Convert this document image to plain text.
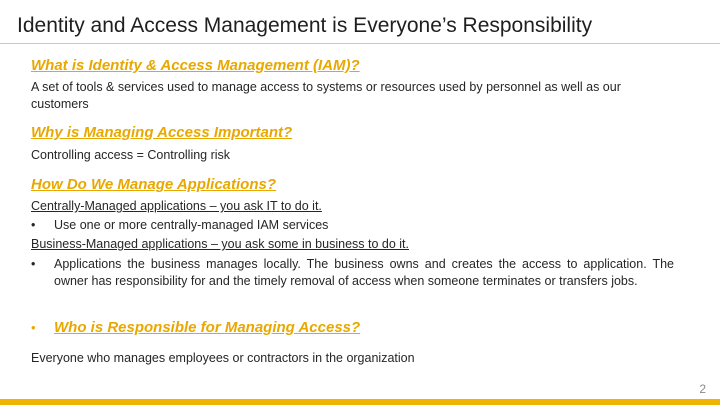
Identity and Access Management is Everyone’s Responsibility
What is Identity & Access Management (IAM)?
A set of tools & services used to manage access to systems or resources used by personnel as well as our customers
Why is Managing Access Important?
Controlling access = Controlling risk
How Do We Manage Applications?
Centrally-Managed applications – you ask IT to do it.
• Use one or more centrally-managed IAM services
Business-Managed applications – you ask some in business to do it.
• Applications the business manages locally. The business owns and creates the access to application. The owner has responsibility for and the timely removal of access when someone terminates or transfers jobs.
• Who is Responsible for Managing Access?
Everyone who manages employees or contractors in the organization
2
